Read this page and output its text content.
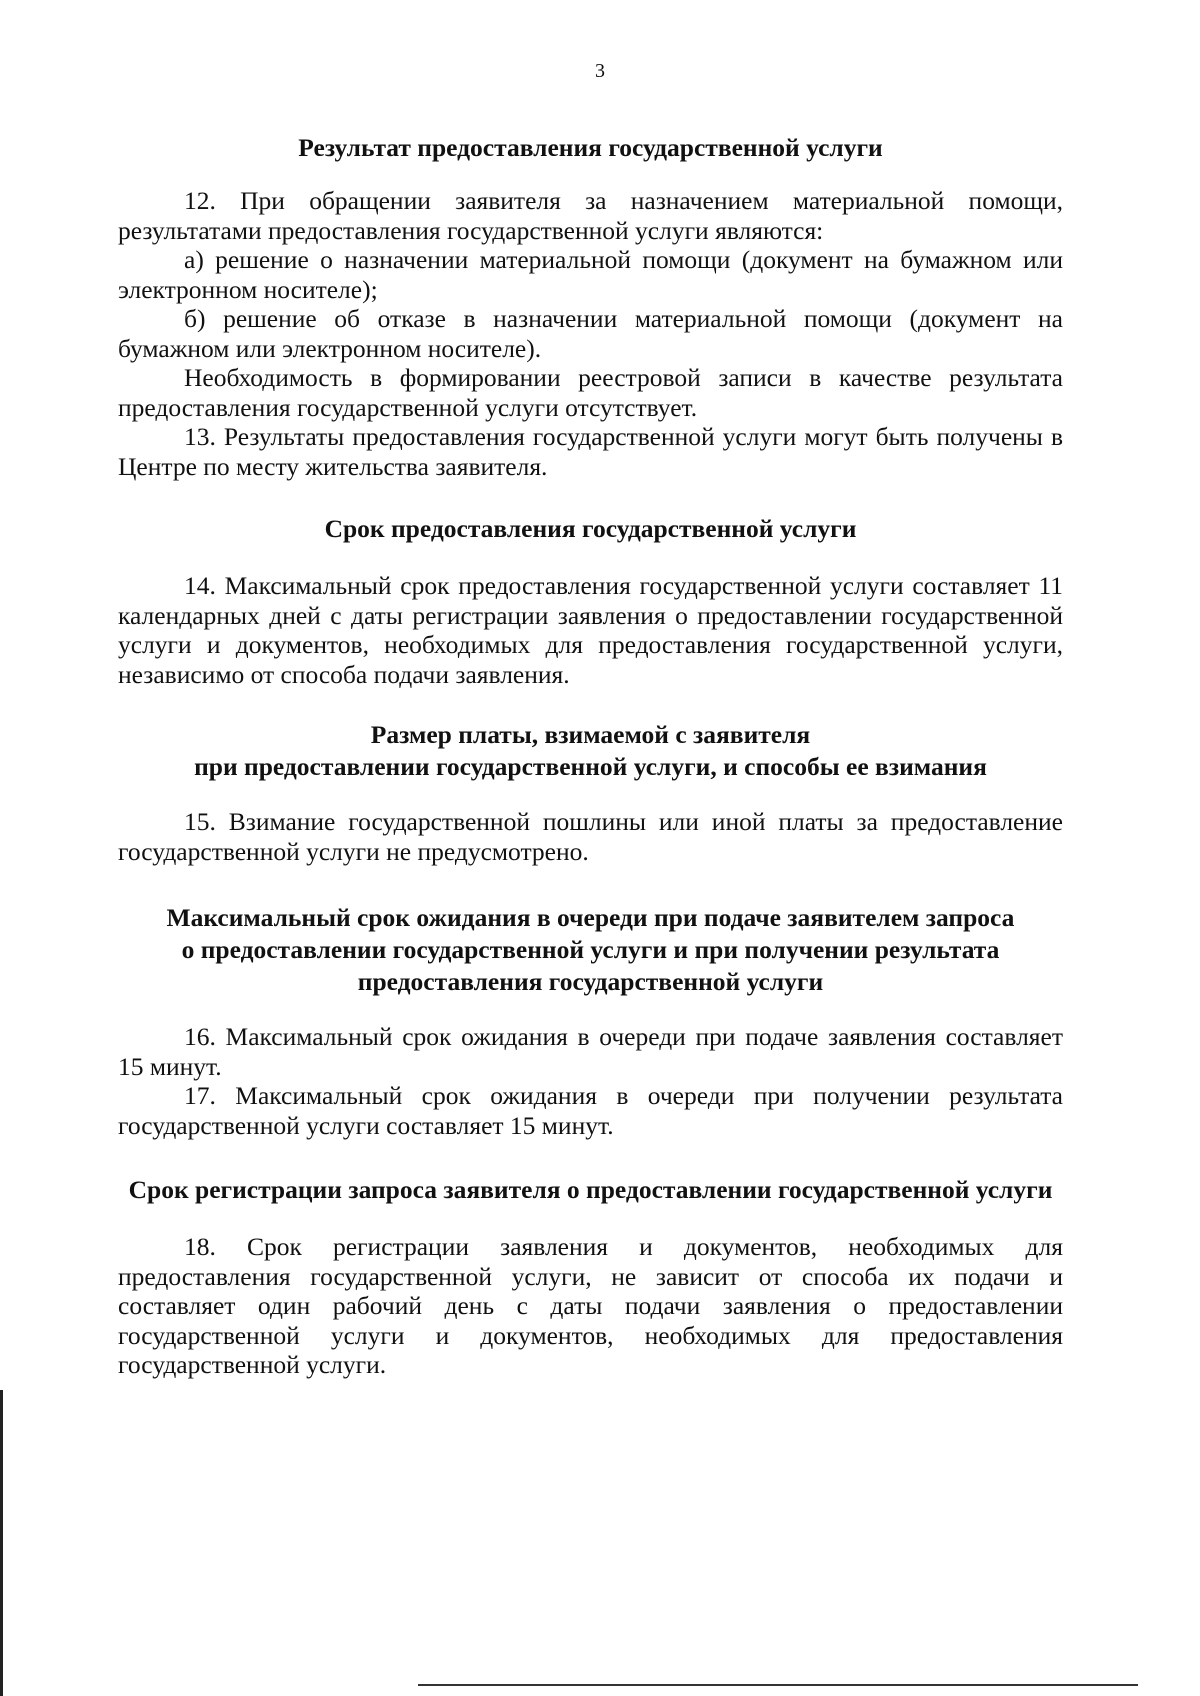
3

Результат предоставления государственной услуги

12. При обращении заявителя за назначением материальной помощи, результатами предоставления государственной услуги являются:

а) решение о назначении материальной помощи (документ на бумажном или электронном носителе);

б) решение об отказе в назначении материальной помощи (документ на бумажном или электронном носителе).

Необходимость в формировании реестровой записи в качестве результата предоставления государственной услуги отсутствует.

13. Результаты предоставления государственной услуги могут быть получены в Центре по месту жительства заявителя.

Срок предоставления государственной услуги

14. Максимальный срок предоставления государственной услуги составляет 11 календарных дней с даты регистрации заявления о предоставлении государственной услуги и документов, необходимых для предоставления государственной услуги, независимо от способа подачи заявления.

Размер платы, взимаемой с заявителя

при предоставлении государственной услуги, и способы ее взимания

15. Взимание государственной пошлины или иной платы за предоставление государственной услуги не предусмотрено.

Максимальный срок ожидания в очереди при подаче заявителем запроса

о предоставлении государственной услуги и при получении результата

предоставления государственной услуги

16. Максимальный срок ожидания в очереди при подаче заявления составляет 15 минут.

17. Максимальный срок ожидания в очереди при получении результата государственной услуги составляет 15 минут.

Срок регистрации запроса заявителя о предоставлении государственной услуги

18. Срок регистрации заявления и документов, необходимых для предоставления государственной услуги, не зависит от способа их подачи и составляет один рабочий день с даты подачи заявления о предоставлении государственной услуги и документов, необходимых для предоставления государственной услуги.
